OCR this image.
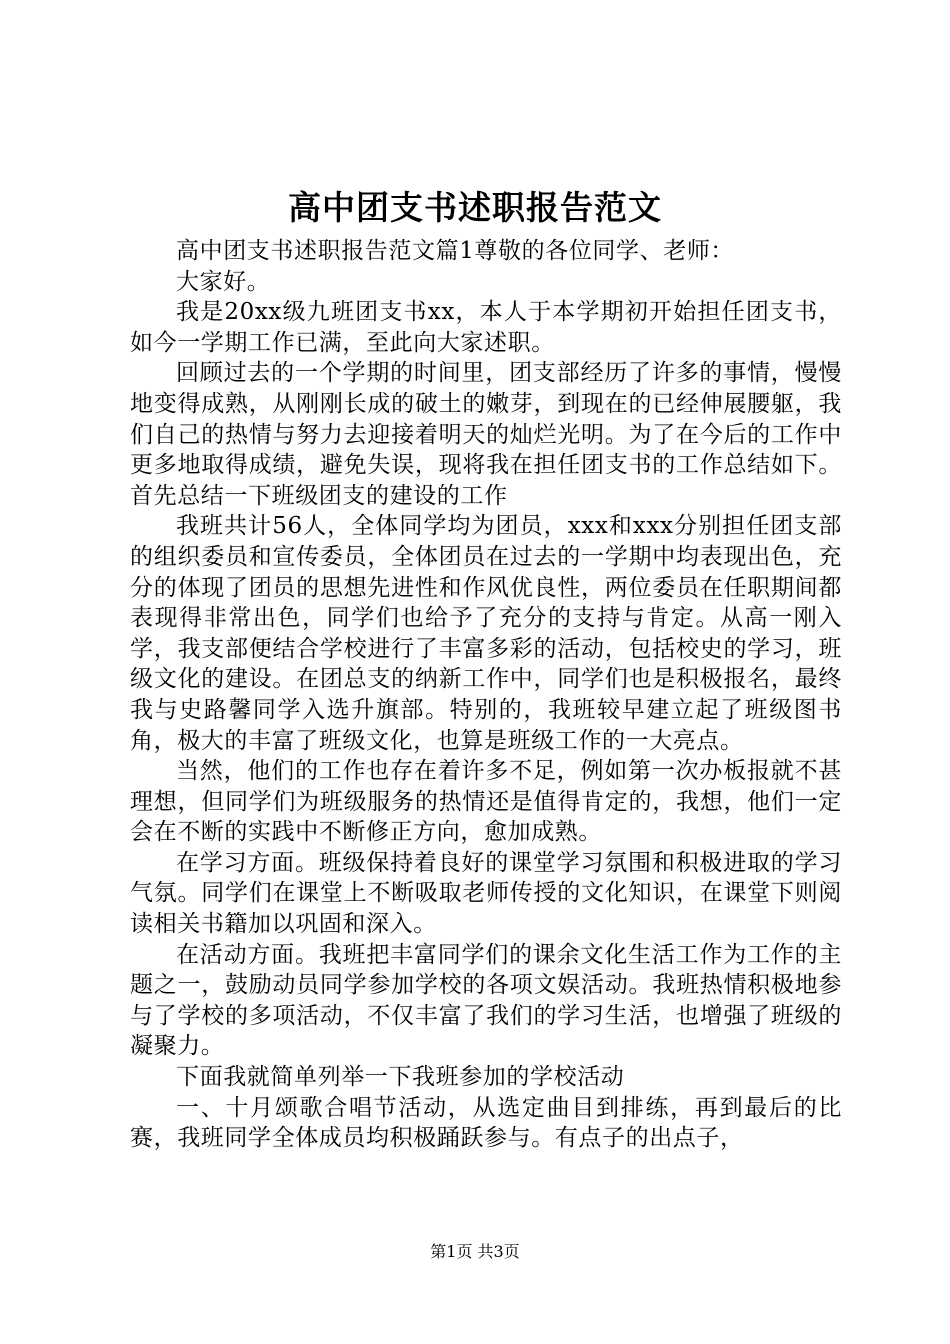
高中团支书述职报告范文

高中团支书述职报告范文篇1尊敬的各位同学、老师：

大家好。

我是20xx级九班团支书xx，本人于本学期初开始担任团支书，如今一学期工作已满，至此向大家述职。

回顾过去的一个学期的时间里，团支部经历了许多的事情，慢慢地变得成熟，从刚刚长成的破土的嫩芽，到现在的已经伸展腰躯，我们自己的热情与努力去迎接着明天的灿烂光明。为了在今后的工作中更多地取得成绩，避免失误，现将我在担任团支书的工作总结如下。首先总结一下班级团支的建设的工作

我班共计56人，全体同学均为团员，xxx和xxx分别担任团支部的组织委员和宣传委员，全体团员在过去的一学期中均表现出色，充分的体现了团员的思想先进性和作风优良性，两位委员在任职期间都表现得非常出色，同学们也给予了充分的支持与肯定。从高一刚入学，我支部便结合学校进行了丰富多彩的活动，包括校史的学习，班级文化的建设。在团总支的纳新工作中，同学们也是积极报名，最终我与史路馨同学入选升旗部。特别的，我班较早建立起了班级图书角，极大的丰富了班级文化，也算是班级工作的一大亮点。

当然，他们的工作也存在着许多不足，例如第一次办板报就不甚理想，但同学们为班级服务的热情还是值得肯定的，我想，他们一定会在不断的实践中不断修正方向，愈加成熟。

在学习方面。班级保持着良好的课堂学习氛围和积极进取的学习气氛。同学们在课堂上不断吸取老师传授的文化知识，在课堂下则阅读相关书籍加以巩固和深入。

在活动方面。我班把丰富同学们的课余文化生活工作为工作的主题之一，鼓励动员同学参加学校的各项文娱活动。我班热情积极地参与了学校的多项活动，不仅丰富了我们的学习生活，也增强了班级的凝聚力。

下面我就简单列举一下我班参加的学校活动

一、十月颂歌合唱节活动，从选定曲目到排练，再到最后的比赛，我班同学全体成员均积极踊跃参与。有点子的出点子，

第1页 共3页
